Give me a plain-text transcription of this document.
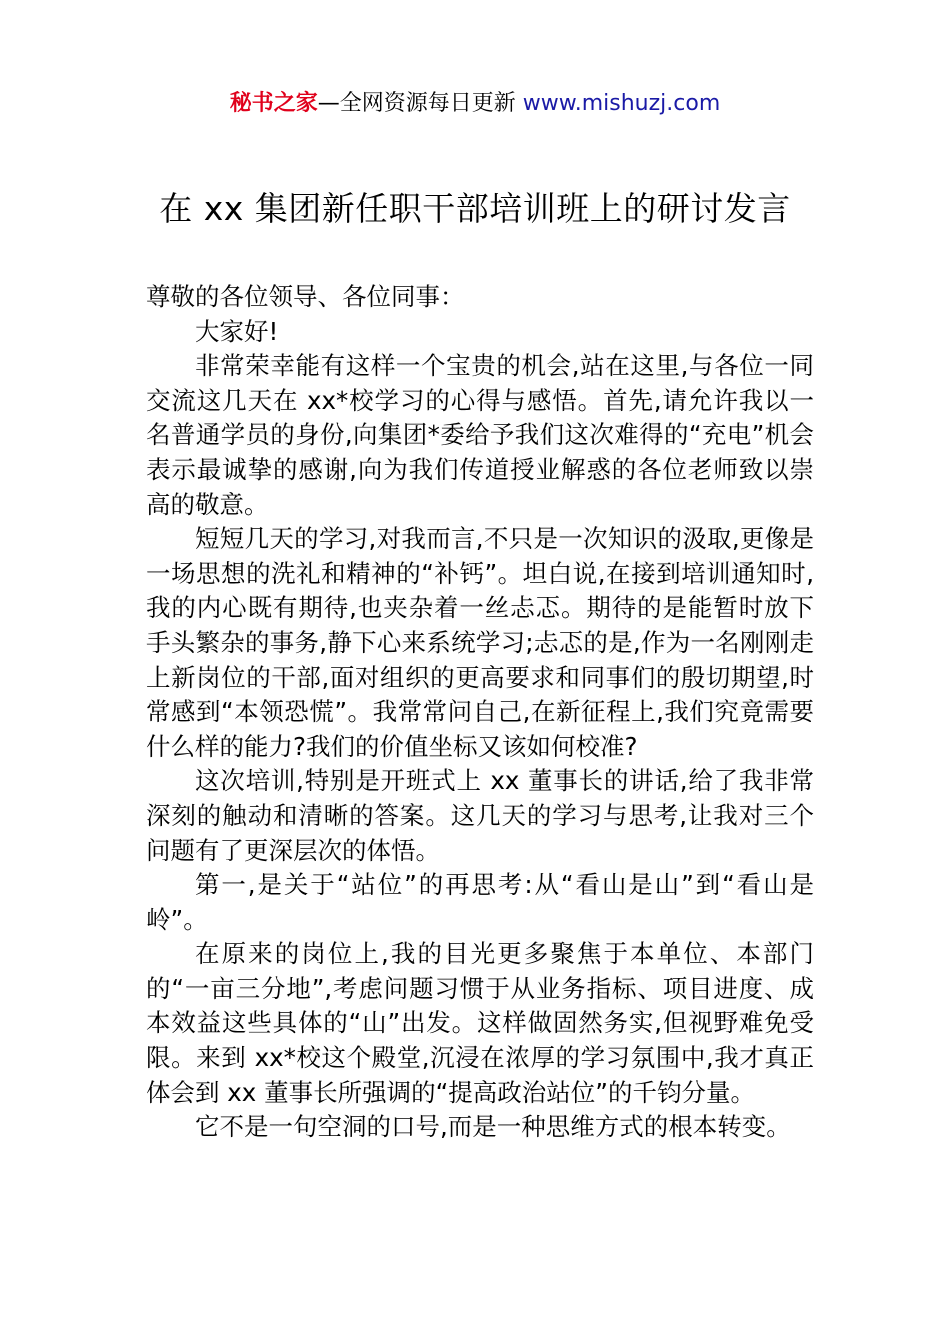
秘书之家—全网资源每日更新 www.mishuzj.com
在 xx 集团新任职干部培训班上的研讨发言

尊敬的各位领导、各位同事：

大家好!

非常荣幸能有这样一个宝贵的机会,站在这里,与各位一同交流这几天在 xx*校学习的心得与感悟。首先,请允许我以一名普通学员的身份,向集团*委给予我们这次难得的“充电”机会表示最诚挚的感谢,向为我们传道授业解惑的各位老师致以崇高的敬意。

短短几天的学习,对我而言,不只是一次知识的汲取,更像是一场思想的洗礼和精神的“补钙”。坦白说,在接到培训通知时,我的内心既有期待,也夹杂着一丝忐忑。期待的是能暂时放下手头繁杂的事务,静下心来系统学习;忐忑的是,作为一名刚刚走上新岗位的干部,面对组织的更高要求和同事们的殷切期望,时常感到“本领恐慌”。我常常问自己,在新征程上,我们究竟需要什么样的能力?我们的价值坐标又该如何校准?

这次培训,特别是开班式上 xx 董事长的讲话,给了我非常深刻的触动和清晰的答案。这几天的学习与思考,让我对三个问题有了更深层次的体悟。

第一,是关于“站位”的再思考:从“看山是山”到“看山是岭”。

在原来的岗位上,我的目光更多聚焦于本单位、本部门的“一亩三分地”,考虑问题习惯于从业务指标、项目进度、成本效益这些具体的“山”出发。这样做固然务实,但视野难免受限。来到 xx*校这个殿堂,沉浸在浓厚的学习氛围中,我才真正体会到 xx 董事长所强调的“提高政治站位”的千钧分量。

它不是一句空洞的口号,而是一种思维方式的根本转变。
